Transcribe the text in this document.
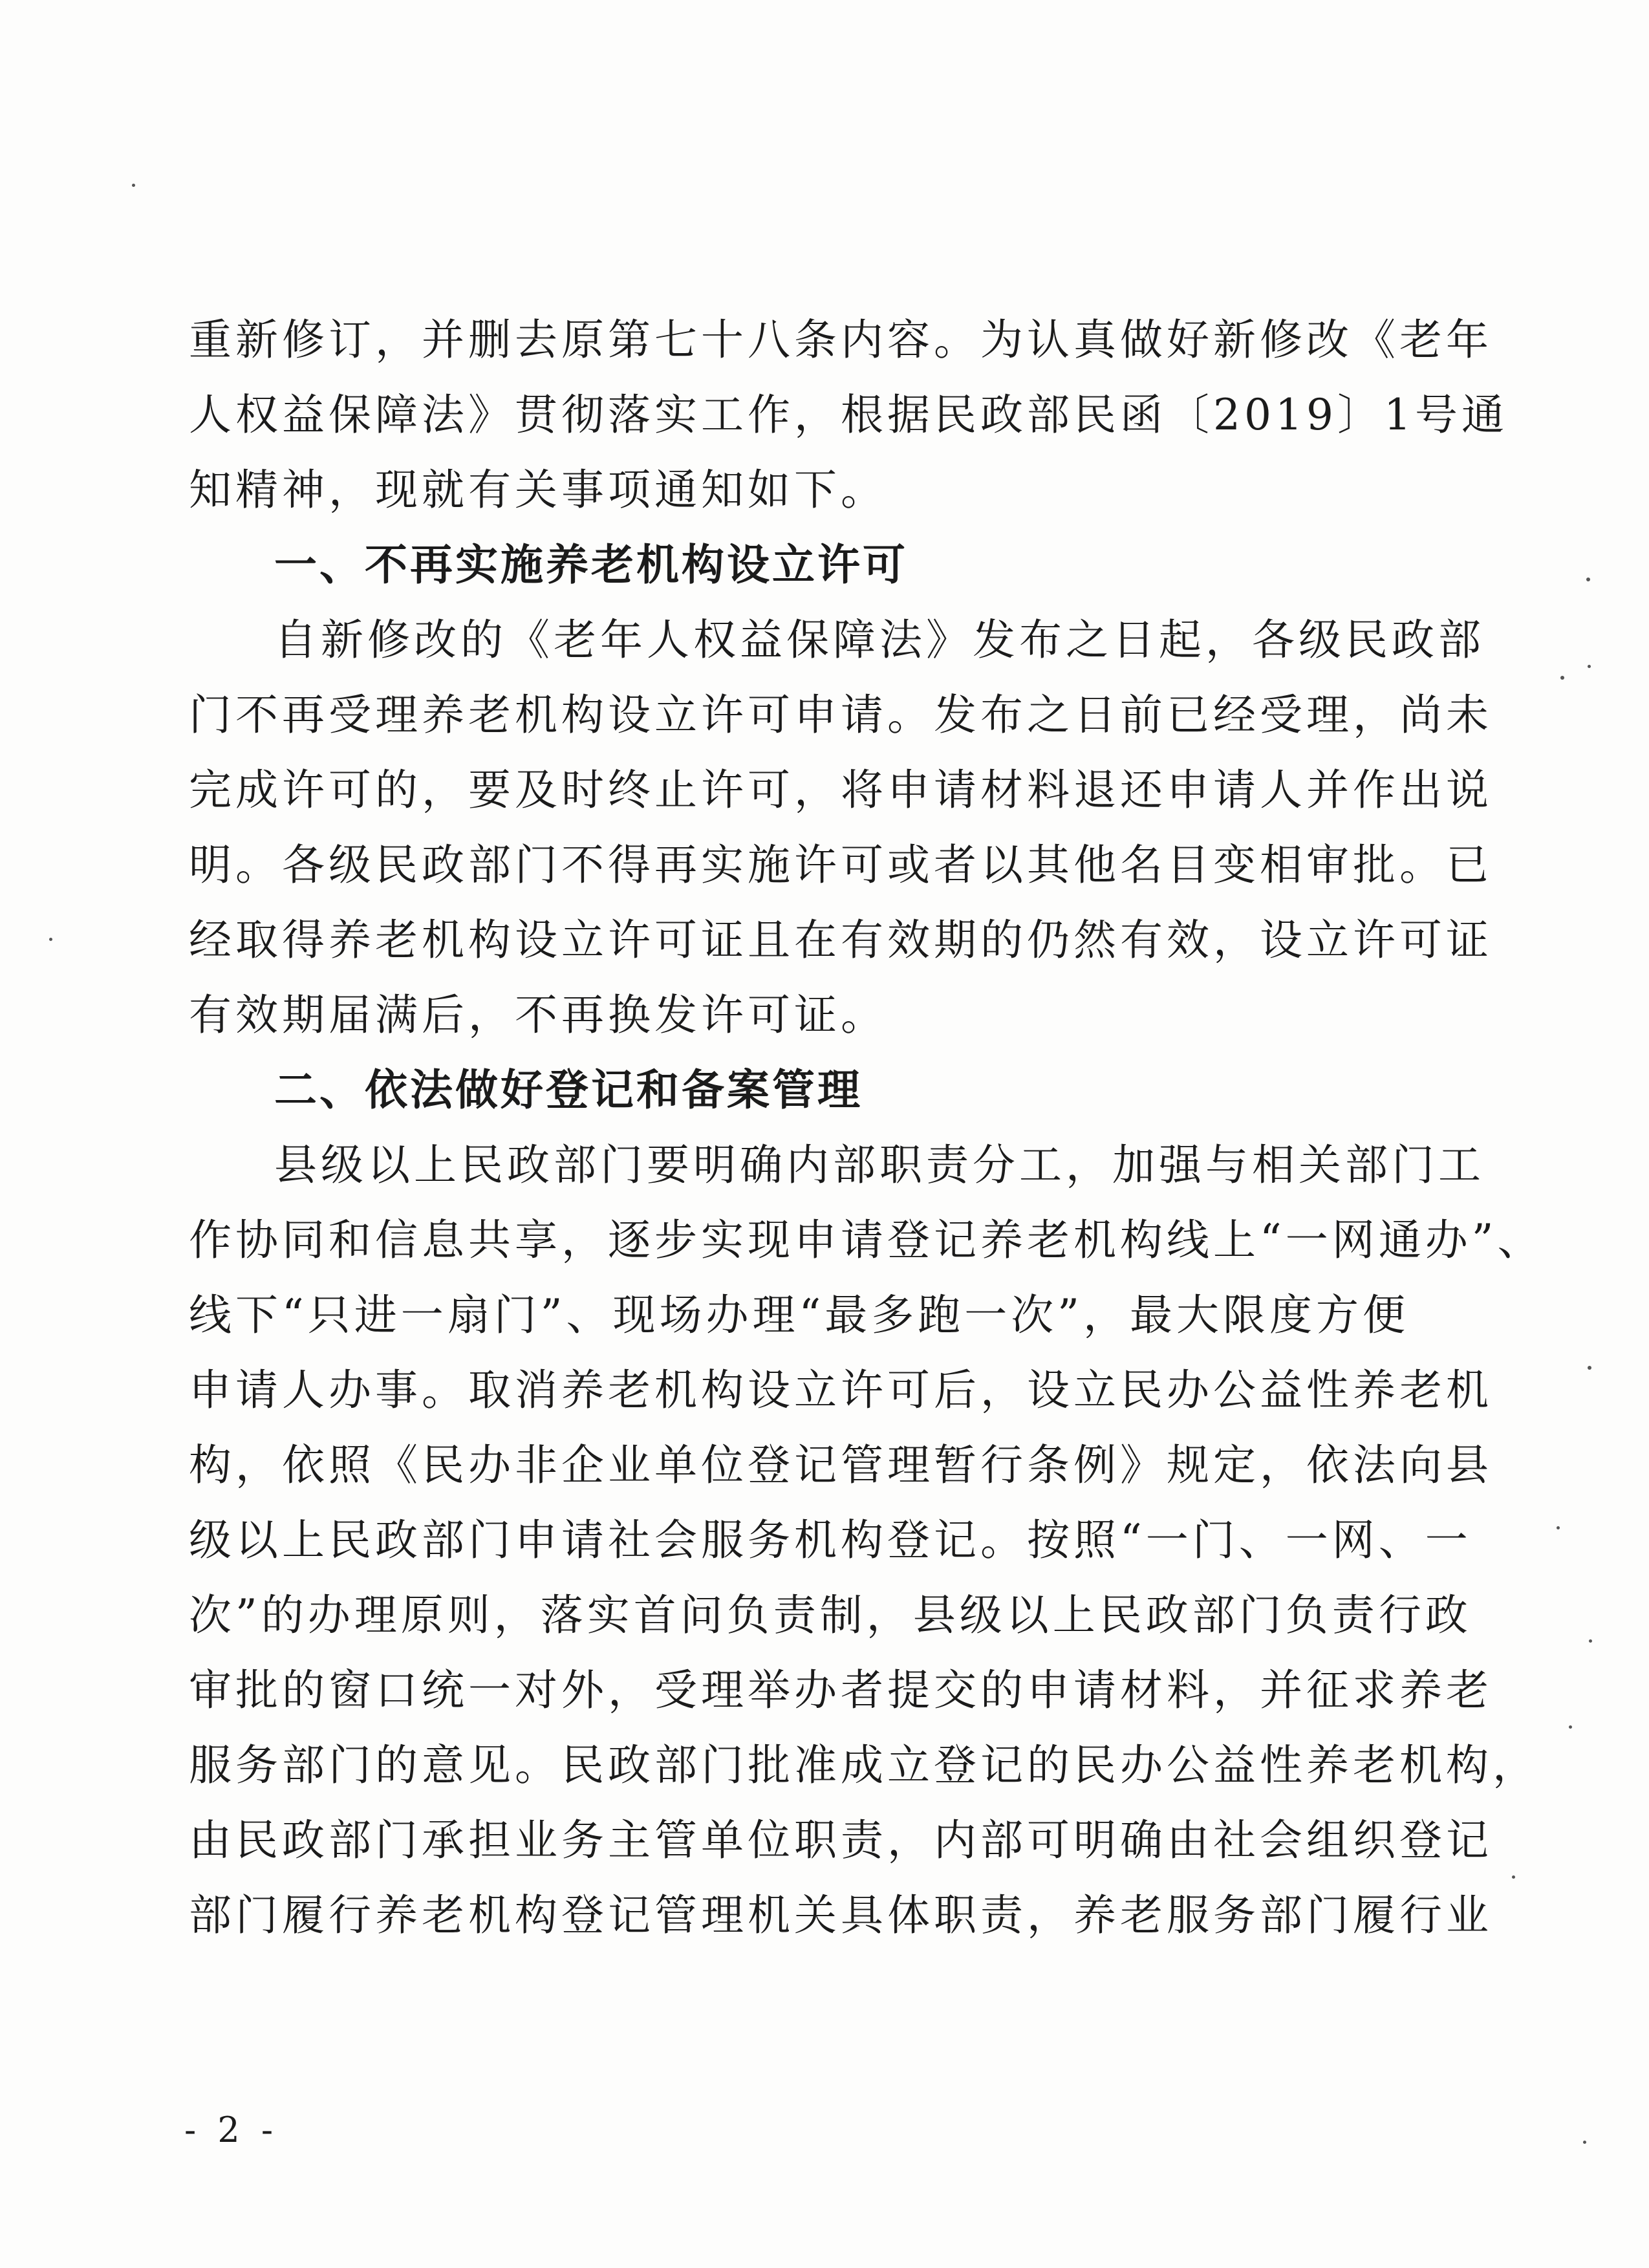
重新修订，并删去原第七十八条内容。为认真做好新修改《老年
人权益保障法》贯彻落实工作，根据民政部民函〔2019〕1号通
知精神，现就有关事项通知如下。
一、不再实施养老机构设立许可
自新修改的《老年人权益保障法》发布之日起，各级民政部
门不再受理养老机构设立许可申请。发布之日前已经受理，尚未
完成许可的，要及时终止许可，将申请材料退还申请人并作出说
明。各级民政部门不得再实施许可或者以其他名目变相审批。已
经取得养老机构设立许可证且在有效期的仍然有效，设立许可证
有效期届满后，不再换发许可证。
二、依法做好登记和备案管理
县级以上民政部门要明确内部职责分工，加强与相关部门工
作协同和信息共享，逐步实现申请登记养老机构线上“一网通办”、
线下“只进一扇门”、现场办理“最多跑一次”，最大限度方便
申请人办事。取消养老机构设立许可后，设立民办公益性养老机
构，依照《民办非企业单位登记管理暂行条例》规定，依法向县
级以上民政部门申请社会服务机构登记。按照“一门、一网、一
次”的办理原则，落实首问负责制，县级以上民政部门负责行政
审批的窗口统一对外，受理举办者提交的申请材料，并征求养老
服务部门的意见。民政部门批准成立登记的民办公益性养老机构，
由民政部门承担业务主管单位职责，内部可明确由社会组织登记
部门履行养老机构登记管理机关具体职责，养老服务部门履行业
- 2 -
